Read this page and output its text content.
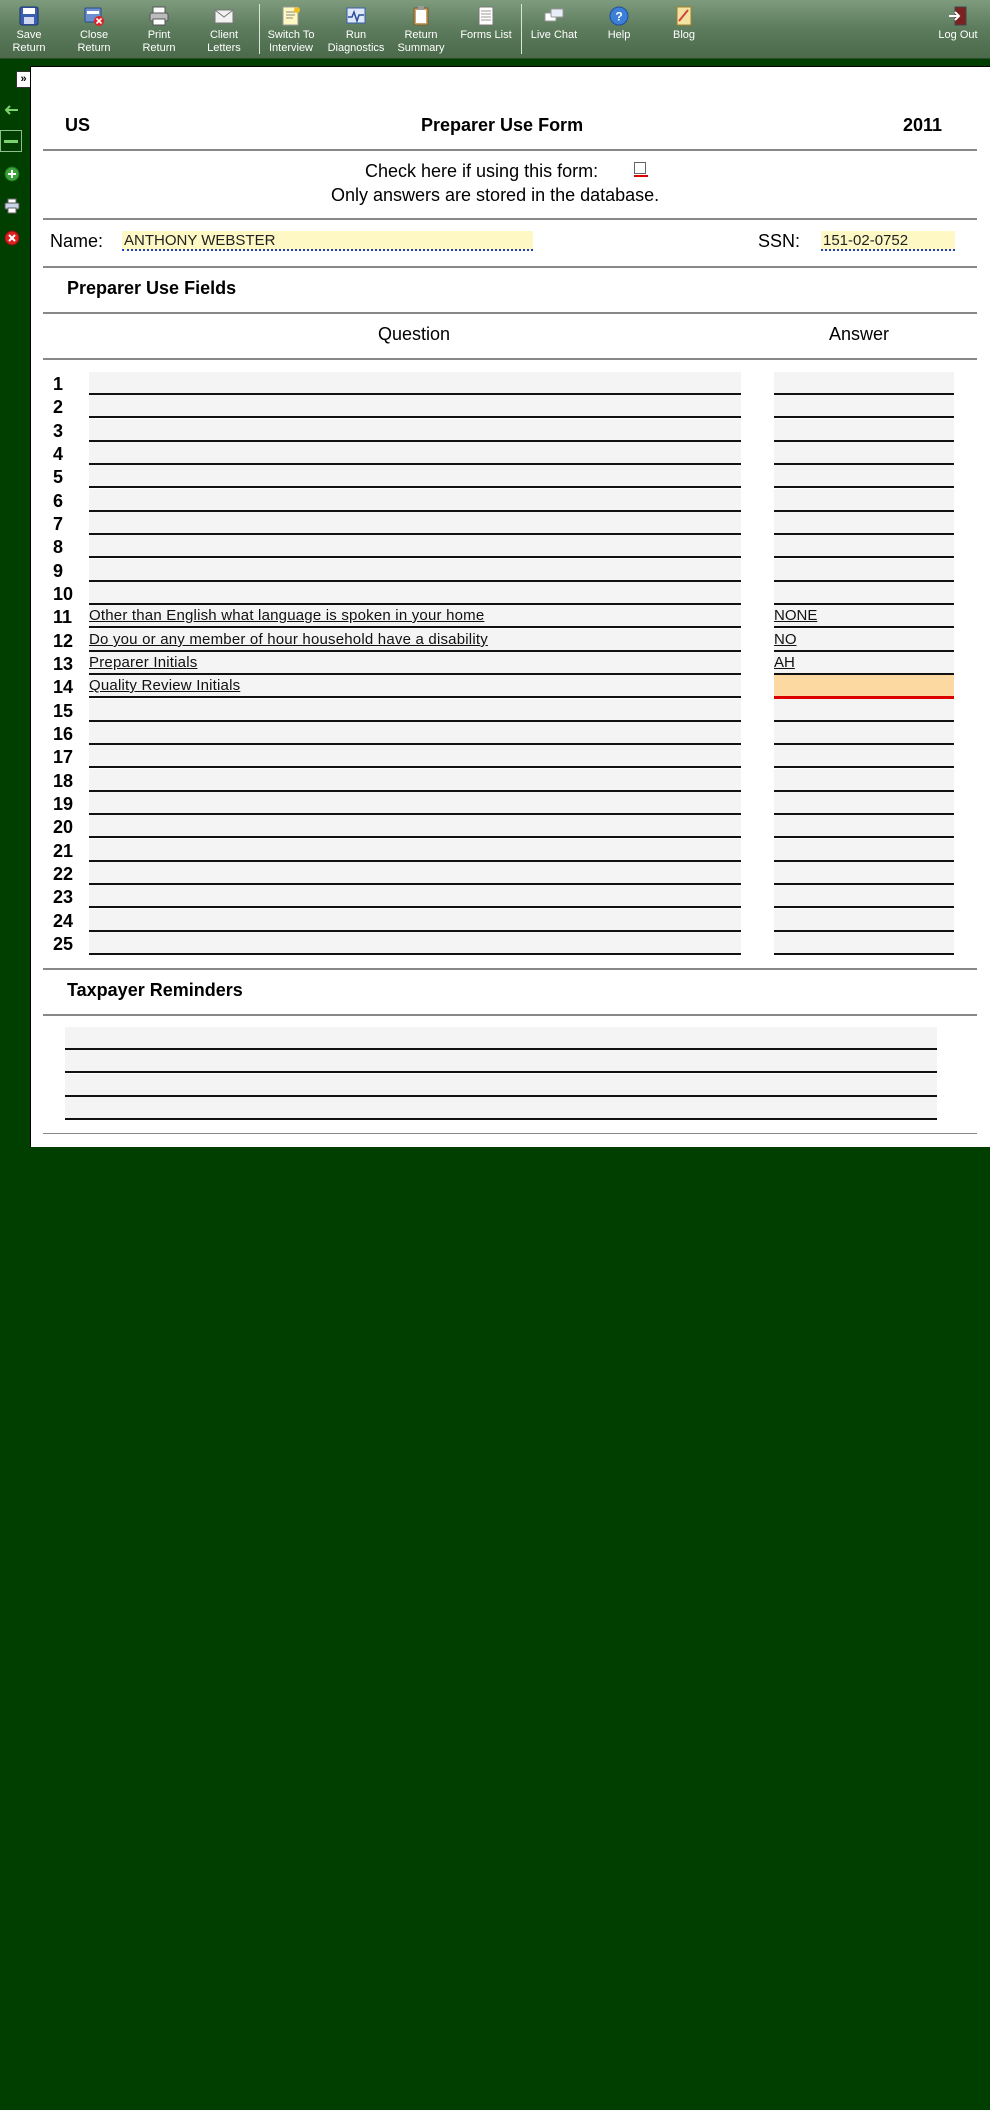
Save
Return
Close
Return
Print
Return
Client
Letters
Switch To
Interview
Run
Diagnostics
Return
Summary
Forms List	Live Chat
?
Help	Blog	Log Out
»
US	Preparer Use Form	2011
Check here if using this form:
Only answers are stored in the database.
Name: ANTHONY WEBSTER	SSN: 151-02-0752
Preparer Use Fields
Question	Answer
1
2
3
4
5
6
7
8
9
10
11	Other than English what language is spoken in your home	NONE
12	Do you or any member of hour household have a disability	NO
13	Preparer Initials	AH
14	Quality Review Initials
15
16
17
18
19
20
21
22
23
24
25
Taxpayer Reminders
